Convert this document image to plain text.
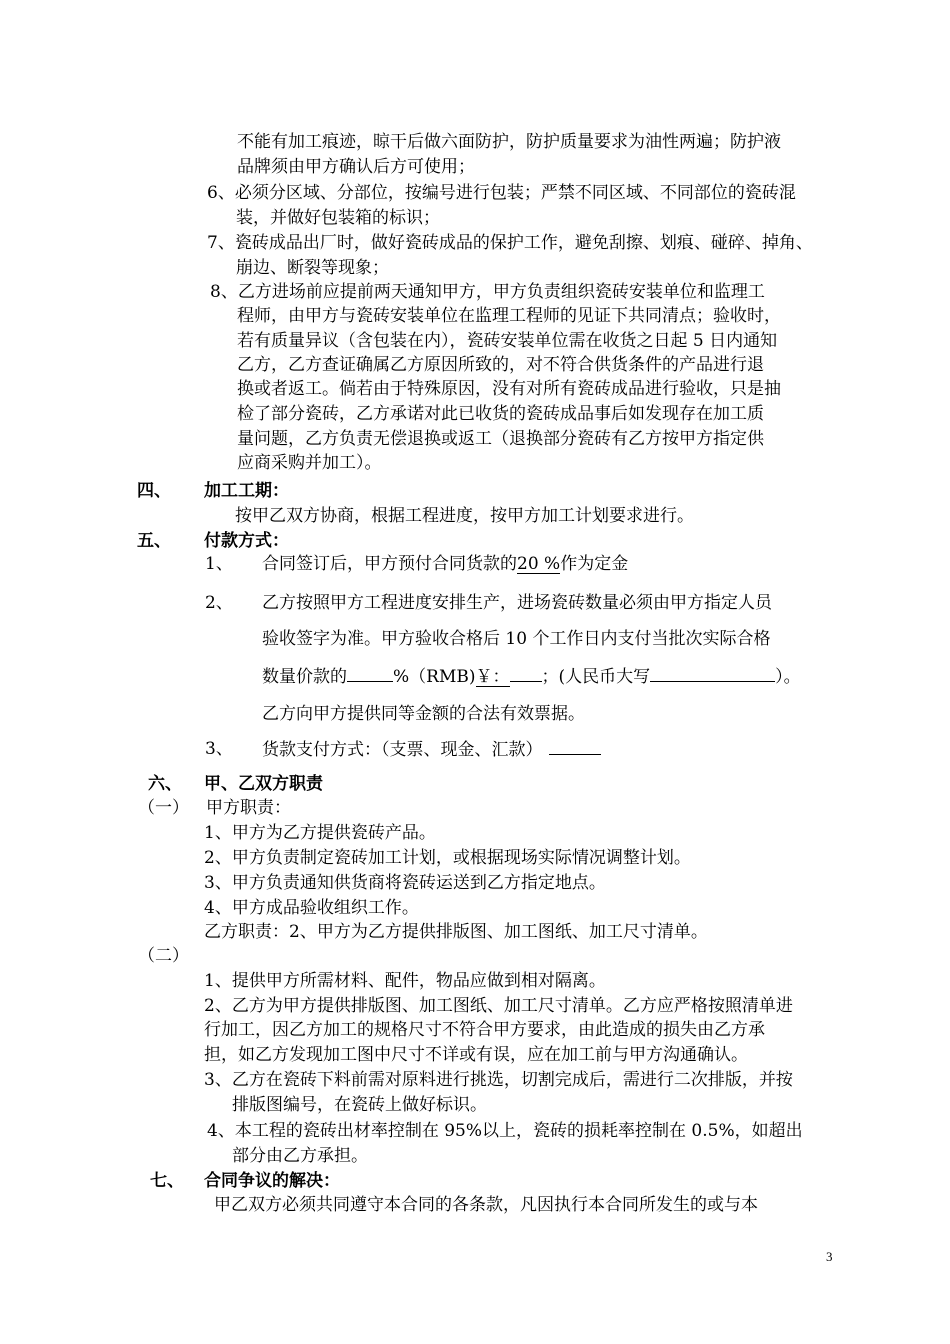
不能有加工痕迹，晾干后做六面防护，防护质量要求为油性两遍；防护液
品牌须由甲方确认后方可使用；
6、必须分区域、分部位，按编号进行包装；严禁不同区域、不同部位的瓷砖混
装，并做好包装箱的标识；
7、瓷砖成品出厂时，做好瓷砖成品的保护工作，避免刮擦、划痕、碰碎、掉角、
崩边、断裂等现象；
8、乙方进场前应提前两天通知甲方，甲方负责组织瓷砖安装单位和监理工
程师，由甲方与瓷砖安装单位在监理工程师的见证下共同清点；验收时，
若有质量异议（含包装在内），瓷砖安装单位需在收货之日起 5 日内通知
乙方，乙方查证确属乙方原因所致的，对不符合供货条件的产品进行退
换或者返工。倘若由于特殊原因，没有对所有瓷砖成品进行验收，只是抽
检了部分瓷砖，乙方承诺对此已收货的瓷砖成品事后如发现存在加工质
量问题，乙方负责无偿退换或返工（退换部分瓷砖有乙方按甲方指定供
应商采购并加工）。
四、 加工工期：
按甲乙双方协商，根据工程进度，按甲方加工计划要求进行。
五、 付款方式：
1、 合同签订后，甲方预付合同货款的20 %作为定金
2、 乙方按照甲方工程进度安排生产，进场瓷砖数量必须由甲方指定人员
验收签字为准。甲方验收合格后 10 个工作日内支付当批次实际合格
数量价款的	%（RMB)￥： ；(人民币大写	）。
乙方向甲方提供同等金额的合法有效票据。
3、 货款支付方式：（支票、现金、汇款）
六、 甲、乙双方职责
（一） 甲方职责：
1、甲方为乙方提供瓷砖产品。
2、甲方负责制定瓷砖加工计划，或根据现场实际情况调整计划。
3、甲方负责通知供货商将瓷砖运送到乙方指定地点。
4、甲方成品验收组织工作。
乙方职责：2、甲方为乙方提供排版图、加工图纸、加工尺寸清单。
（二）
1、提供甲方所需材料、配件，物品应做到相对隔离。
2、乙方为甲方提供排版图、加工图纸、加工尺寸清单。乙方应严格按照清单进
行加工，因乙方加工的规格尺寸不符合甲方要求，由此造成的损失由乙方承
担，如乙方发现加工图中尺寸不详或有误，应在加工前与甲方沟通确认。
3、乙方在瓷砖下料前需对原料进行挑选，切割完成后，需进行二次排版，并按
排版图编号，在瓷砖上做好标识。
4、本工程的瓷砖出材率控制在 95%以上，瓷砖的损耗率控制在 0.5%，如超出
部分由乙方承担。
七、 合同争议的解决：
甲乙双方必须共同遵守本合同的各条款，凡因执行本合同所发生的或与本
3
